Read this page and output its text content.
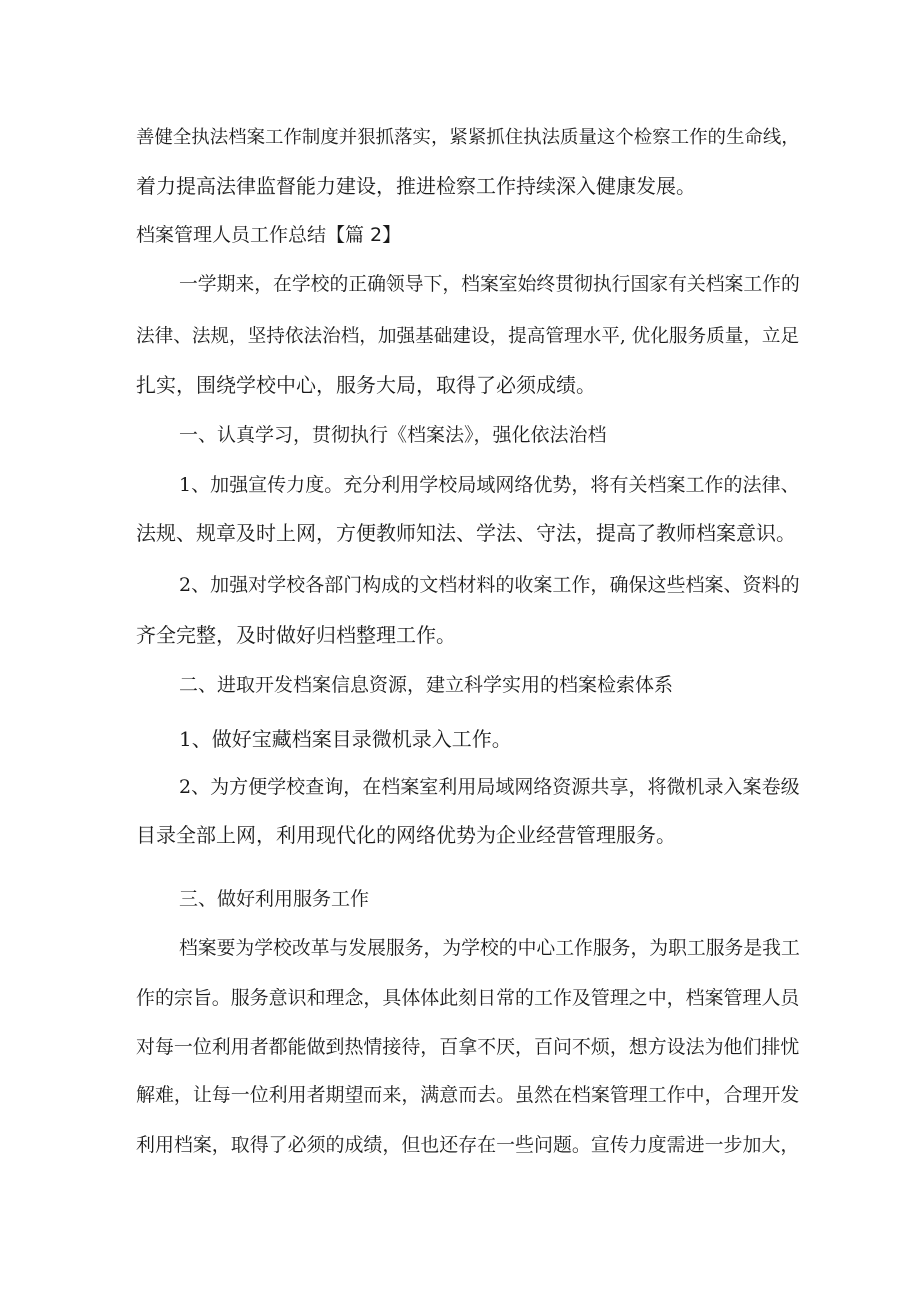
善健全执法档案工作制度并狠抓落实，紧紧抓住执法质量这个检察工作的生命线，

着力提高法律监督能力建设，推进检察工作持续深入健康发展。

档案管理人员工作总结【篇 2】

一学期来，在学校的正确领导下，档案室始终贯彻执行国家有关档案工作的

法律、法规，坚持依法治档，加强基础建设，提高管理水平, 优化服务质量，立足

扎实，围绕学校中心，服务大局，取得了必须成绩。

一、认真学习，贯彻执行《档案法》，强化依法治档

1、加强宣传力度。充分利用学校局域网络优势，将有关档案工作的法律、

法规、规章及时上网，方便教师知法、学法、守法，提高了教师档案意识。

2、加强对学校各部门构成的文档材料的收案工作，确保这些档案、资料的

齐全完整，及时做好归档整理工作。

二、进取开发档案信息资源，建立科学实用的档案检索体系

1、做好宝藏档案目录微机录入工作。

2、为方便学校查询，在档案室利用局域网络资源共享，将微机录入案卷级

目录全部上网，利用现代化的网络优势为企业经营管理服务。

三、做好利用服务工作

档案要为学校改革与发展服务，为学校的中心工作服务，为职工服务是我工

作的宗旨。服务意识和理念，具体体此刻日常的工作及管理之中，档案管理人员

对每一位利用者都能做到热情接待，百拿不厌，百问不烦，想方设法为他们排忧

解难，让每一位利用者期望而来，满意而去。虽然在档案管理工作中，合理开发

利用档案，取得了必须的成绩，但也还存在一些问题。宣传力度需进一步加大，
